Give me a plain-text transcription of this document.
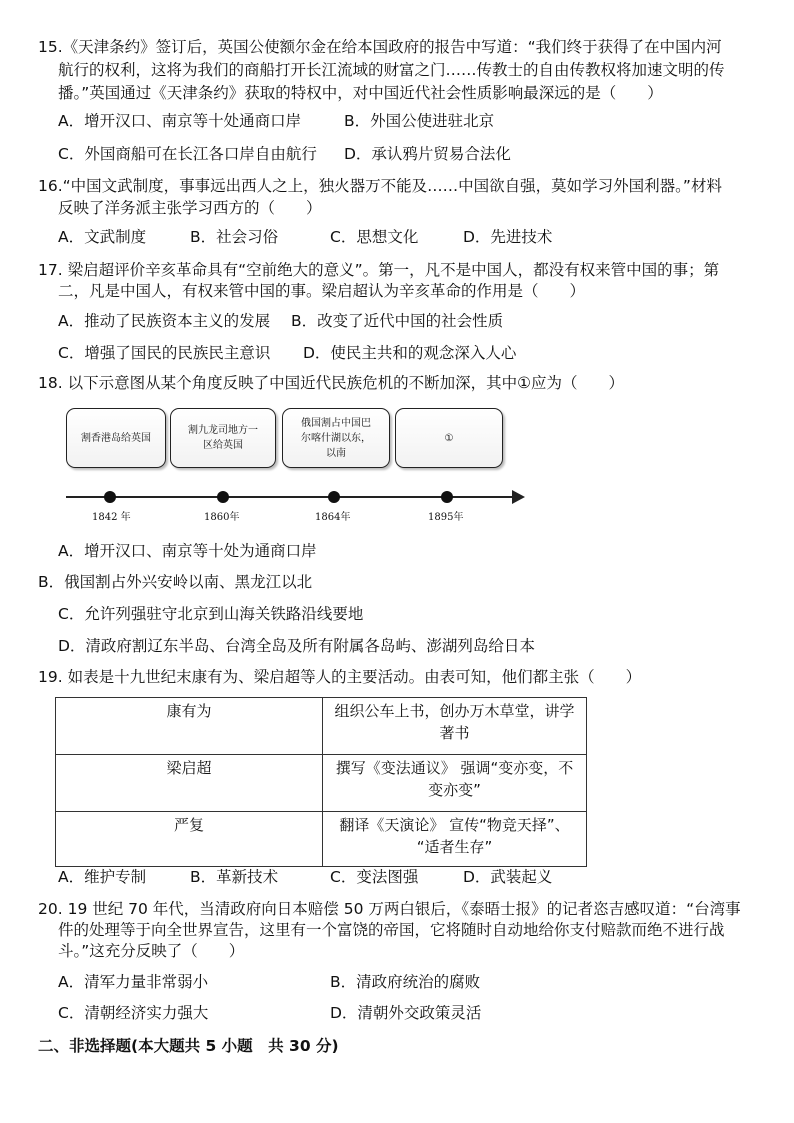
15.《天津条约》签订后，英国公使额尔金在给本国政府的报告中写道：“我们终于获得了在中国内河
航行的权利，这将为我们的商船打开长江流域的财富之门……传教士的自由传教权将加速文明的传
播。”英国通过《天津条约》获取的特权中，对中国近代社会性质影响最深远的是（　　）
A．增开汉口、南京等十处通商口岸	B．外国公使进驻北京
C．外国商船可在长江各口岸自由航行 D．承认鸦片贸易合法化
16.“中国文武制度，事事远出西人之上，独火器万不能及……中国欲自强，莫如学习外国利器。”材料
反映了洋务派主张学习西方的（　　）
A．文武制度	B．社会习俗	C．思想文化	D．先进技术
17. 梁启超评价辛亥革命具有“空前绝大的意义”。第一，凡不是中国人，都没有权来管中国的事；第
二，凡是中国人，有权来管中国的事。梁启超认为辛亥革命的作用是（　　）
A．推动了民族资本主义的发展 B．改变了近代中国的社会性质
C．增强了国民的民族民主意识 D．使民主共和的观念深入人心
18. 以下示意图从某个角度反映了中国近代民族危机的不断加深，其中①应为（　　）
割香港岛给英国
割九龙司地方一
区给英国
俄国割占中国巴
尔喀什湖以东，
以南
①
1842 年	1860年	1864年	1895年
A．增开汉口、南京等十处为通商口岸
B．俄国割占外兴安岭以南、黑龙江以北
C．允许列强驻守北京到山海关铁路沿线要地
D．清政府割辽东半岛、台湾全岛及所有附属各岛屿、澎湖列岛给日本
19. 如表是十九世纪末康有为、梁启超等人的主要活动。由表可知，他们都主张（　　）
康有为	组织公车上书，创办万木草堂，讲学
著书

梁启超	撰写《变法通议》 强调“变亦变，不
变亦变”

严复	翻译《天演论》 宣传“物竞天择”、
“适者生存”
A．维护专制	B．革新技术	C．变法图强	D．武装起义
20. 19 世纪 70 年代，当清政府向日本赔偿 50 万两白银后，《泰晤士报》的记者恣吉感叹道：“台湾事
件的处理等于向全世界宣告，这里有一个富饶的帝国，它将随时自动地给你支付赔款而绝不进行战
斗。”这充分反映了（　　）
A．清军力量非常弱小	B．清政府统治的腐败
C．清朝经济实力强大	D．清朝外交政策灵活
二、非选择题(本大题共 5 小题　共 30 分)
